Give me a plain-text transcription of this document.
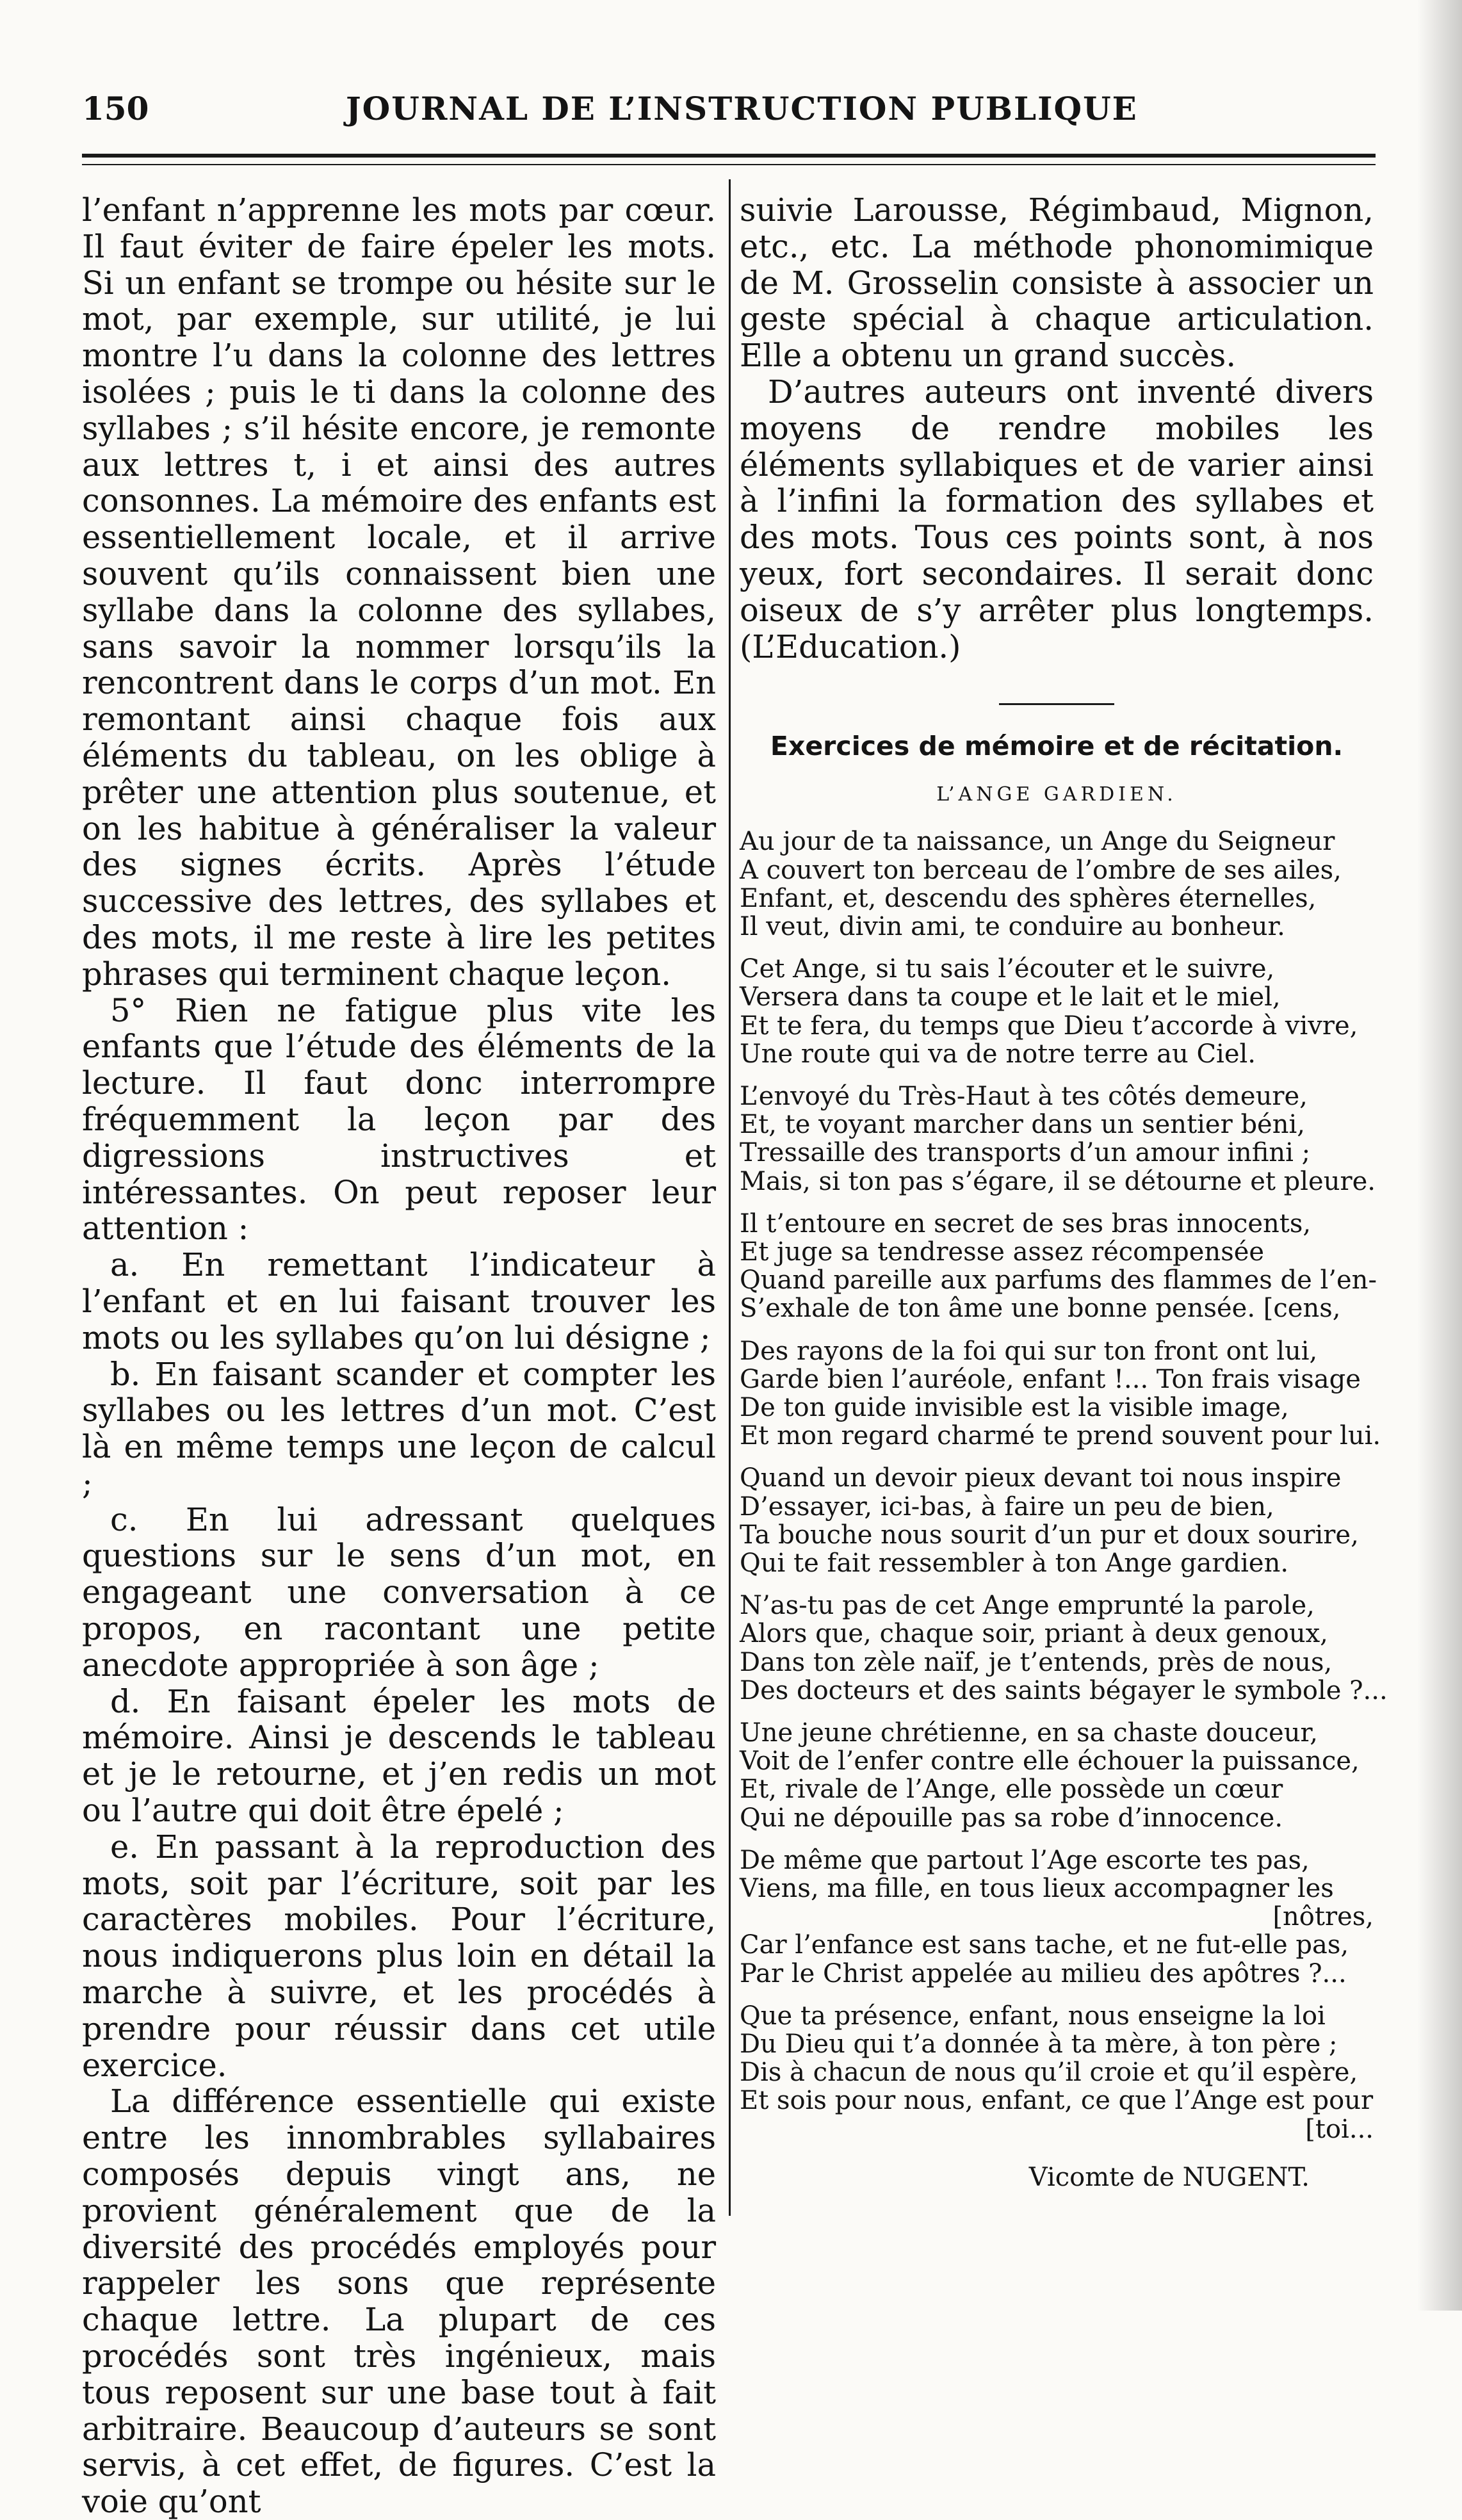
150	JOURNAL DE L’INSTRUCTION PUBLIQUE

l’enfant n’apprenne les mots par cœur. Il faut éviter de faire épeler les mots. Si un enfant se trompe ou hésite sur le mot, par exemple, sur utilité, je lui montre l’u dans la colonne des lettres isolées ; puis le ti dans la colonne des syllabes ; s’il hésite encore, je remonte aux lettres t, i et ainsi des autres consonnes. La mémoire des enfants est essentiellement locale, et il arrive souvent qu’ils connaissent bien une syllabe dans la colonne des syllabes, sans savoir la nommer lorsqu’ils la rencontrent dans le corps d’un mot. En remontant ainsi chaque fois aux éléments du tableau, on les oblige à prêter une attention plus soutenue, et on les habitue à généraliser la valeur des signes écrits. Après l’étude successive des lettres, des syllabes et des mots, il me reste à lire les petites phrases qui terminent chaque leçon.

5° Rien ne fatigue plus vite les enfants que l’étude des éléments de la lecture. Il faut donc interrompre fréquemment la leçon par des digressions instructives et intéressantes. On peut reposer leur attention :

a. En remettant l’indicateur à l’enfant et en lui faisant trouver les mots ou les syllabes qu’on lui désigne ;

b. En faisant scander et compter les syllabes ou les lettres d’un mot. C’est là en même temps une leçon de calcul ;

c. En lui adressant quelques questions sur le sens d’un mot, en engageant une conversation à ce propos, en racontant une petite anecdote appropriée à son âge ;

d. En faisant épeler les mots de mémoire. Ainsi je descends le tableau et je le retourne, et j’en redis un mot ou l’autre qui doit être épelé ;

e. En passant à la reproduction des mots, soit par l’écriture, soit par les caractères mobiles. Pour l’écriture, nous indiquerons plus loin en détail la marche à suivre, et les procédés à prendre pour réussir dans cet utile exercice.

La différence essentielle qui existe entre les innombrables syllabaires composés depuis vingt ans, ne provient généralement que de la diversité des procédés employés pour rappeler les sons que représente chaque lettre. La plupart de ces procédés sont très ingénieux, mais tous reposent sur une base tout à fait arbitraire. Beaucoup d’auteurs se sont servis, à cet effet, de figures. C’est la voie qu’ont

suivie Larousse, Régimbaud, Mignon, etc., etc. La méthode phonomimique de M. Grosselin consiste à associer un geste spécial à chaque articulation. Elle a obtenu un grand succès.

D’autres auteurs ont inventé divers moyens de rendre mobiles les éléments syllabiques et de varier ainsi à l’infini la formation des syllabes et des mots. Tous ces points sont, à nos yeux, fort secondaires. Il serait donc oiseux de s’y arrêter plus longtemps. (L’Education.)

Exercices de mémoire et de récitation.
L’ANGE GARDIEN.
Au jour de ta naissance, un Ange du Seigneur
A couvert ton berceau de l’ombre de ses ailes,
Enfant, et, descendu des sphères éternelles,
Il veut, divin ami, te conduire au bonheur.
Cet Ange, si tu sais l’écouter et le suivre,
Versera dans ta coupe et le lait et le miel,
Et te fera, du temps que Dieu t’accorde à vivre,
Une route qui va de notre terre au Ciel.
L’envoyé du Très-Haut à tes côtés demeure,
Et, te voyant marcher dans un sentier béni,
Tressaille des transports d’un amour infini ;
Mais, si ton pas s’égare, il se détourne et pleure.
Il t’entoure en secret de ses bras innocents,
Et juge sa tendresse assez récompensée
Quand pareille aux parfums des flammes de l’en-
S’exhale de ton âme une bonne pensée. [cens,
Des rayons de la foi qui sur ton front ont lui,
Garde bien l’auréole, enfant !... Ton frais visage
De ton guide invisible est la visible image,
Et mon regard charmé te prend souvent pour lui.
Quand un devoir pieux devant toi nous inspire
D’essayer, ici-bas, à faire un peu de bien,
Ta bouche nous sourit d’un pur et doux sourire,
Qui te fait ressembler à ton Ange gardien.
N’as-tu pas de cet Ange emprunté la parole,
Alors que, chaque soir, priant à deux genoux,
Dans ton zèle naïf, je t’entends, près de nous,
Des docteurs et des saints bégayer le symbole ?...
Une jeune chrétienne, en sa chaste douceur,
Voit de l’enfer contre elle échouer la puissance,
Et, rivale de l’Ange, elle possède un cœur
Qui ne dépouille pas sa robe d’innocence.
De même que partout l’Age escorte tes pas,
Viens, ma fille, en tous lieux accompagner les
[nôtres,
Car l’enfance est sans tache, et ne fut-elle pas,
Par le Christ appelée au milieu des apôtres ?...
Que ta présence, enfant, nous enseigne la loi
Du Dieu qui t’a donnée à ta mère, à ton père ;
Dis à chacun de nous qu’il croie et qu’il espère,
Et sois pour nous, enfant, ce que l’Ange est pour
[toi...
Vicomte de NUGENT.
